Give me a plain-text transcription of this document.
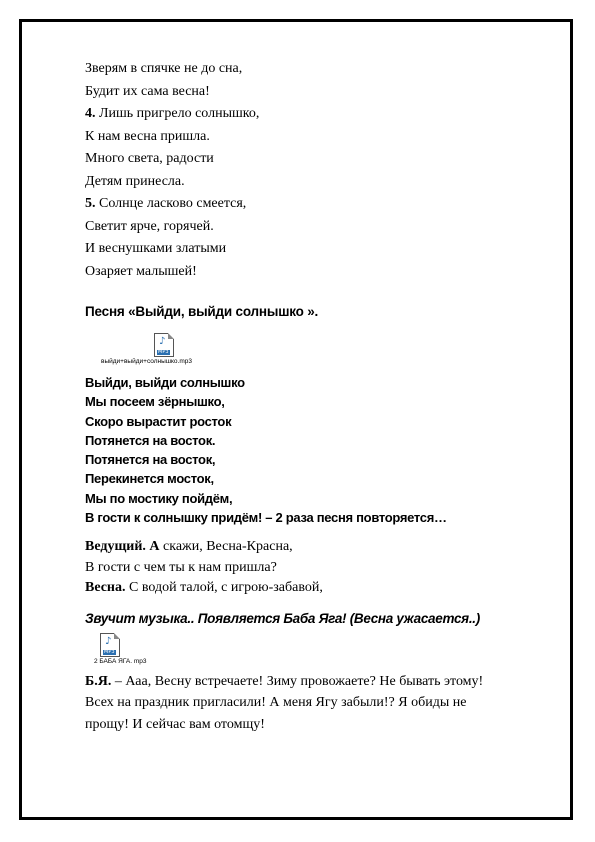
Зверям в спячке не до сна,

Будит их сама весна!

4. Лишь пригрело солнышко,

К нам весна пришла.

Много света, радости

Детям принесла.

5. Солнце ласково смеется,

Светит ярче, горячей.

И веснушками златыми

Озаряет малышей!

Песня «Выйди, выйди солнышко ».

♪
MP3
выйди+выйди+солнышко.mp3

Выйди, выйди солнышко

Мы посеем зёрнышко,

Скоро вырастит росток

Потянется на восток.

Потянется на восток,

Перекинется мосток,

Мы по мостику пойдём,

В гости к солнышку придём! – 2 раза песня повторяется…

Ведущий. А скажи, Весна-Красна,

В гости с чем ты к нам пришла?

Весна. С водой талой, с игрою-забавой,

Звучит музыка.. Появляется Баба Яга! (Весна ужасается..)

♪
MP3
2 БАБА ЯГА. mp3

Б.Я. – Ааа, Весну встречаете! Зиму провожаете? Не бывать этому!

Всех на праздник пригласили! А меня Ягу забыли!? Я обиды не

прощу! И сейчас вам отомщу!
